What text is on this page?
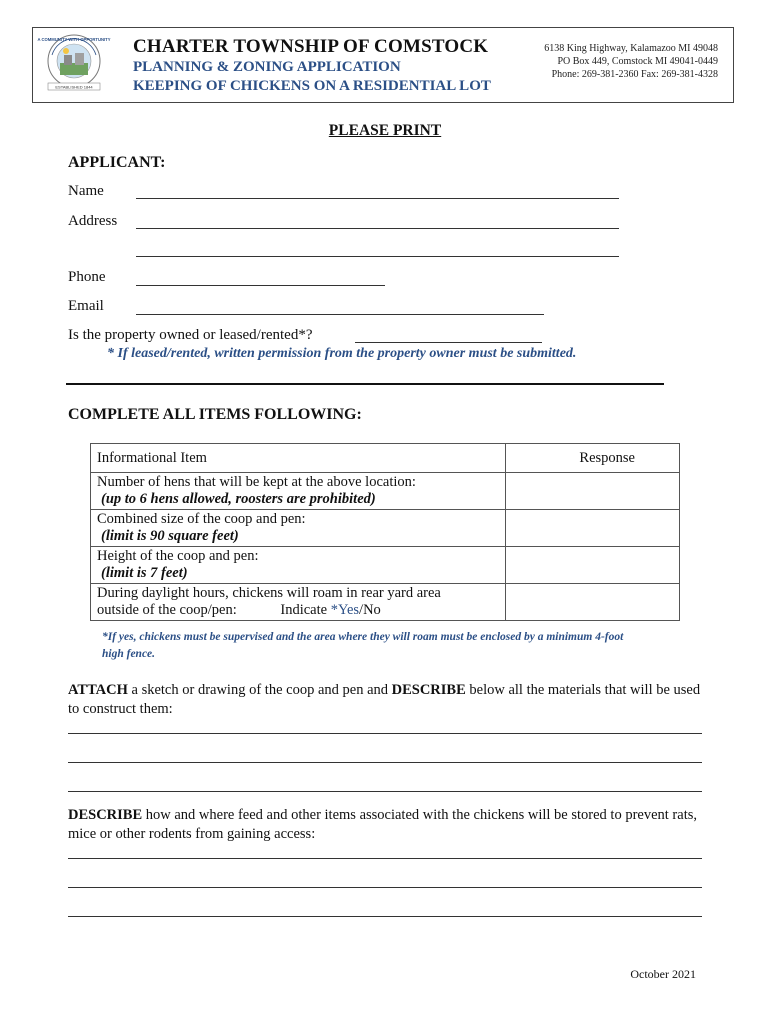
A COMMUNITY WITH OPPORTUNITY
ESTABLISHED 1844
CHARTER TOWNSHIP OF COMSTOCK
PLANNING & ZONING APPLICATION
KEEPING OF CHICKENS ON A RESIDENTIAL LOT
6138 King Highway, Kalamazoo MI 49048
PO Box 449, Comstock MI 49041-0449
Phone: 269-381-2360 Fax: 269-381-4328
PLEASE PRINT
APPLICANT:
Name
Address
Phone
Email
Is the property owned or leased/rented*?
* If leased/rented, written permission from the property owner must be submitted.
COMPLETE ALL ITEMS FOLLOWING:
Informational Item	Response
Number of hens that will be kept at the above location:
(up to 6 hens allowed, roosters are prohibited)	

Combined size of the coop and pen:
(limit is 90 square feet)	

Height of the coop and pen:
(limit is 7 feet)	

During daylight hours, chickens will roam in rear yard area
outside of the coop/pen: Indicate *Yes/No	
*If yes, chickens must be supervised and the area where they will roam must be enclosed by a minimum 4-foot high fence.
ATTACH a sketch or drawing of the coop and pen and DESCRIBE below all the materials that will be used to construct them:
DESCRIBE how and where feed and other items associated with the chickens will be stored to prevent rats, mice or other rodents from gaining access:
October 2021
